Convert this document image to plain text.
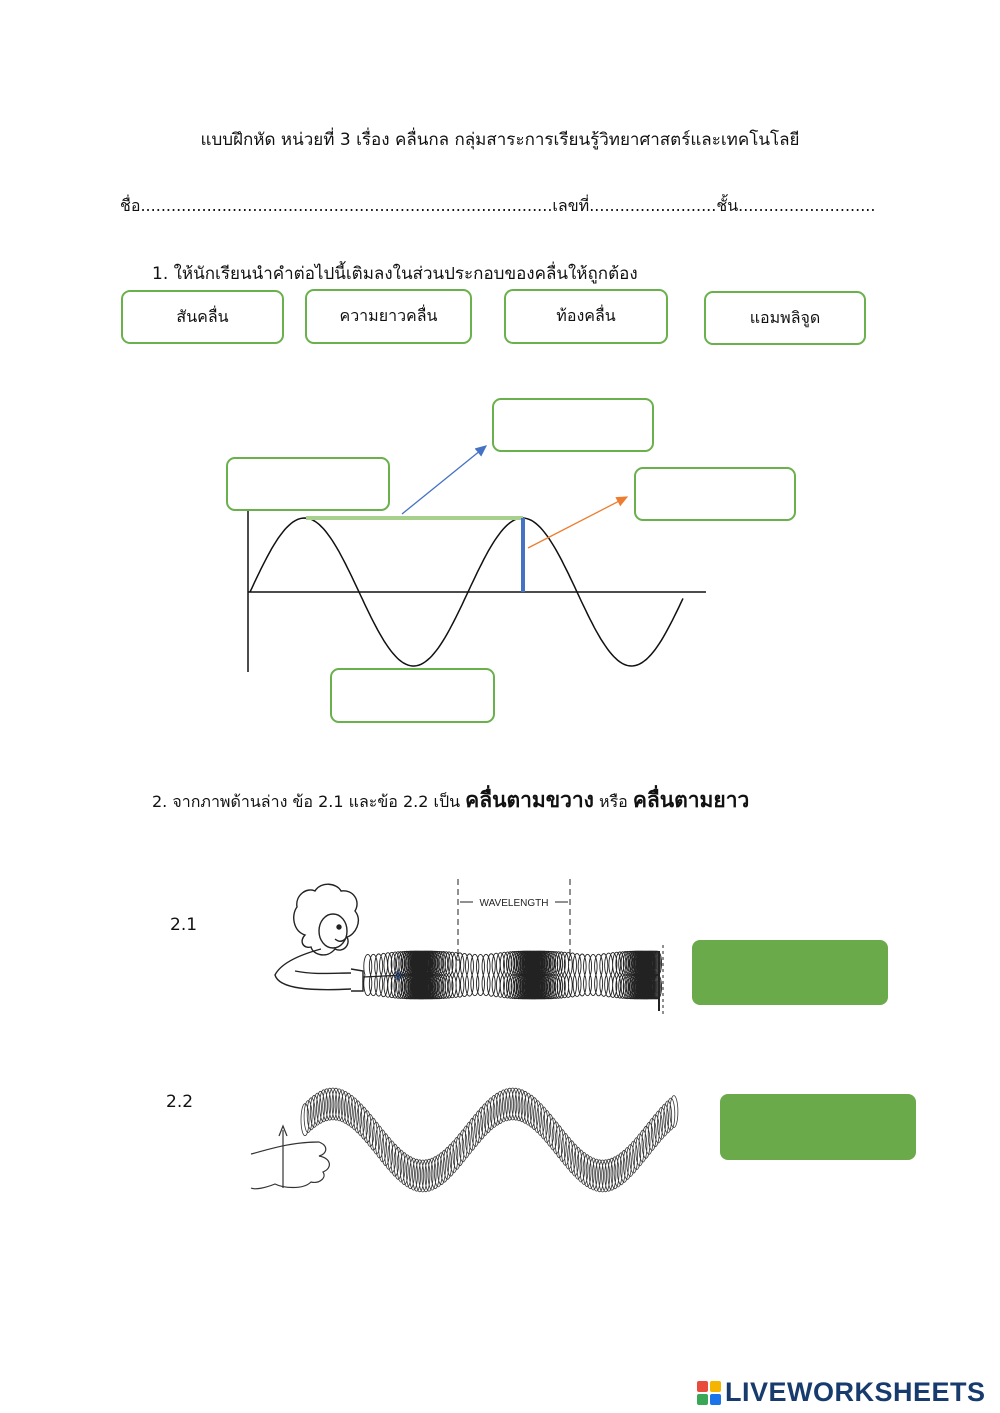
แบบฝึกหัด หน่วยที่ 3 เรื่อง คลื่นกล กลุ่มสาระการเรียนรู้วิทยาศาสตร์และเทคโนโลยี
ชื่อ.................................................................................เลขที่.........................ชั้น...........................
1. ให้นักเรียนนำคำต่อไปนี้เติมลงในส่วนประกอบของคลื่นให้ถูกต้อง
สันคลื่น	ความยาวคลื่น	ท้องคลื่น	แอมพลิจูด
2. จากภาพด้านล่าง ข้อ 2.1 และข้อ 2.2 เป็น คลื่นตามขวาง หรือ คลื่นตามยาว
2.1
WAVELENGTH
2.2
LIVEWORKSHEETS
